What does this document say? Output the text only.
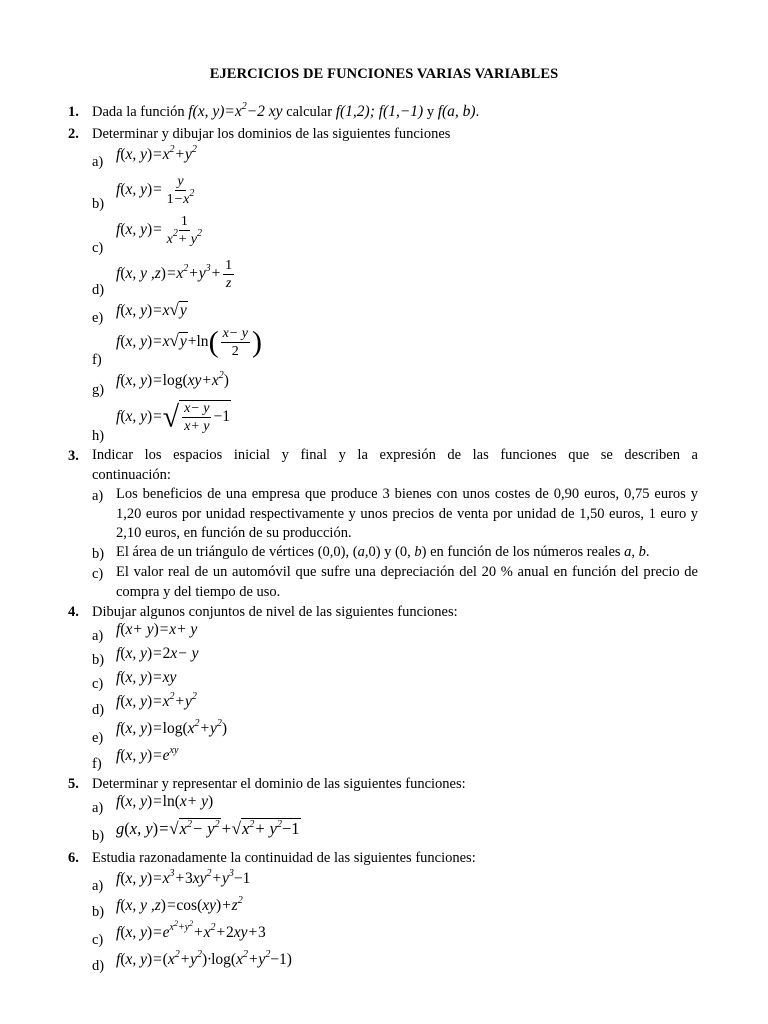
EJERCICIOS DE FUNCIONES VARIAS VARIABLES
1. Dada la función f(x, $y)=x^2-2$ xy calcular f(1,2); f(1,−1) y f(a, b).
2. Determinar y dibujar los dominios de las siguientes funciones
a) f(x, $y)=x^2+y^2$
b)
f(x, $y)= \frac{y}{1-x^2}$
c)
f(x, $y)= \frac{1}{x^2+ y^2}$
d)
f(x, y $,z)=x^2+y^3+ \frac{1}{z}$
e) f(x, y)=x√y
f)
f(x, $y)=x√y+\ln( \frac{x- y}{2}$ )
g)
f(x, $y)=\log(xy+x^2)$
h)
f(x, $y)=√ \frac{x- y}{x+ y} -1$
3. Indicar los espacios inicial y final y la expresión de las funciones que se describen a
continuación:
a) Los beneficios de una empresa que produce 3 bienes con unos costes de 0,90 euros, 0,75 euros y 1,20 euros por unidad respectivamente y unos precios de venta por unidad de 1,50 euros, 1 euro y 2,10 euros, en función de su producción.
b) El área de un triángulo de vértices (0,0), (a,0) y (0, b) en función de los números reales a, b.
c) El valor real de un automóvil que sufre una depreciación del 20 % anual en función del precio de compra y del tiempo de uso.
4. Dibujar algunos conjuntos de nivel de las siguientes funciones:
a) f(x+ y)=x+ y
b) f(x, y)=2x− y
c) f(x, y)=xy
d) f(x, $y)=x^2+y^2$
e)
f(x, $y)=\log(x^2+y^2)$
f) f(x, $y)=e^{xy}$
5. Determinar y representar el dominio de las siguientes funciones:
a) f(x, y)=ln(x+ y)
b) g(x, $y)=√x^2- y^2+√x^2+ y^2-1$
6. Estudia razonadamente la continuidad de las siguientes funciones:
a) f(x, $y)=x^3+3xy^2+y^3-1$
b) f(x, y $,z)=\cos(xy)+z^2$
c) f(x, $y)=e^{x^2+y^2}+x^2+2xy+3$
d) f(x, $y)=(x^2+y^2)\cdot\log(x^2+y^2-1)$
